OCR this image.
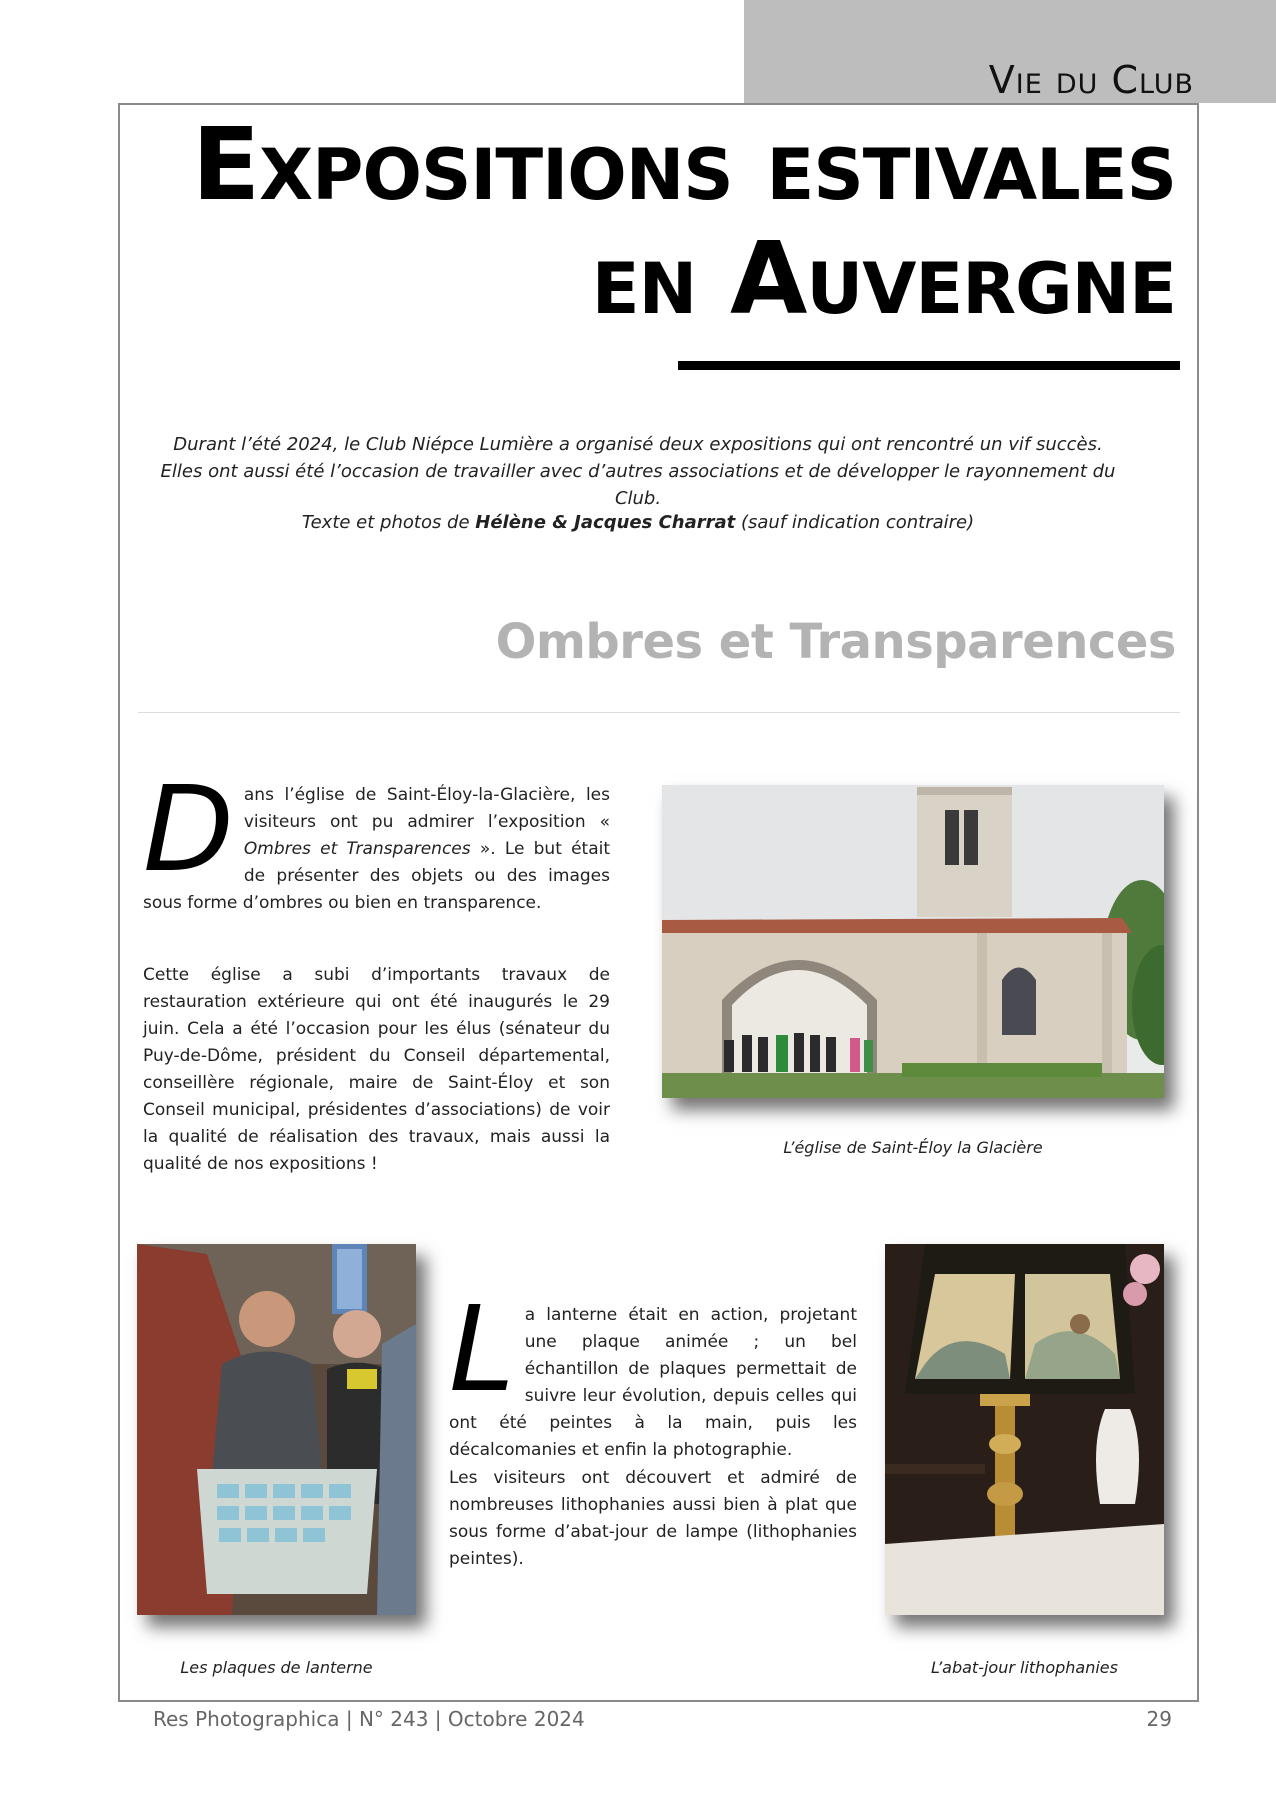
Vie du Club
Expositions estivales
en Auvergne
Durant l’été 2024, le Club Niépce Lumière a organisé deux expositions qui ont rencontré un vif succès.
Elles ont aussi été l’occasion de travailler avec d’autres associations et de développer le rayonnement du Club.
Texte et photos de Hélène & Jacques Charrat (sauf indication contraire)
Ombres et Transparences
Dans l’église de Saint-Éloy-la-Glacière, les visiteurs ont pu admirer l’exposition « Ombres et Transparences ». Le but était de présenter des objets ou des images sous forme d’ombres ou bien en transparence.
Cette église a subi d’importants travaux de restauration extérieure qui ont été inaugurés le 29 juin. Cela a été l’occasion pour les élus (sénateur du Puy-de-Dôme, président du Conseil départemental, conseillère régionale, maire de Saint-Éloy et son Conseil municipal, présidentes d’associations) de voir la qualité de réalisation des travaux, mais aussi la qualité de nos expositions !
L’église de Saint-Éloy la Glacière
Les plaques de lanterne
La lanterne était en action, projetant une plaque animée ; un bel échantillon de plaques permettait de suivre leur évolution, depuis celles qui ont été peintes à la main, puis les décalcomanies et enfin la photographie.
Les visiteurs ont découvert et admiré de nombreuses lithophanies aussi bien à plat que sous forme d’abat-jour de lampe (lithophanies peintes).
L’abat-jour lithophanies
Res Photographica | N° 243 | Octobre 2024	29
